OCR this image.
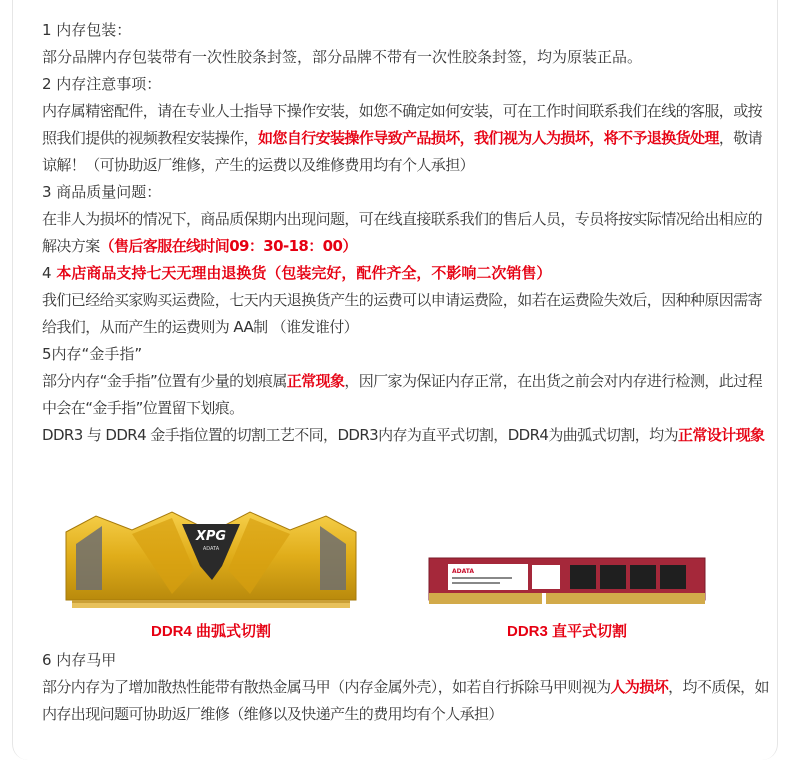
1 内存包装：

部分品牌内存包装带有一次性胶条封签，部分品牌不带有一次性胶条封签，均为原装正品。

2 内存注意事项：

内存属精密配件，请在专业人士指导下操作安装，如您不确定如何安装，可在工作时间联系我们在线的客服，或按照我们提供的视频教程安装操作，如您自行安装操作导致产品损坏，我们视为人为损坏，将不予退换货处理，敬请谅解！（可协助返厂维修，产生的运费以及维修费用均有个人承担）

3 商品质量问题：

在非人为损坏的情况下，商品质保期内出现问题，可在线直接联系我们的售后人员，专员将按实际情况给出相应的解决方案（售后客服在线时间09：30-18：00）

4 本店商品支持七天无理由退换货（包装完好，配件齐全，不影响二次销售）

我们已经给买家购买运费险，七天内天退换货产生的运费可以申请运费险，如若在运费险失效后，因种种原因需寄给我们，从而产生的运费则为 AA制 （谁发谁付）

5内存“金手指”

部分内存“金手指”位置有少量的划痕属正常现象，因厂家为保证内存正常，在出货之前会对内存进行检测，此过程中会在“金手指”位置留下划痕。

DDR3 与 DDR4 金手指位置的切割工艺不同，DDR3内存为直平式切割，DDR4为曲弧式切割，均为正常设计现象

XPG
ADATA
DDR4 曲弧式切割
ADATA
DDR3 直平式切割

6 内存马甲

部分内存为了增加散热性能带有散热金属马甲（内存金属外壳），如若自行拆除马甲则视为人为损坏，均不质保，如内存出现问题可协助返厂维修（维修以及快递产生的费用均有个人承担）
